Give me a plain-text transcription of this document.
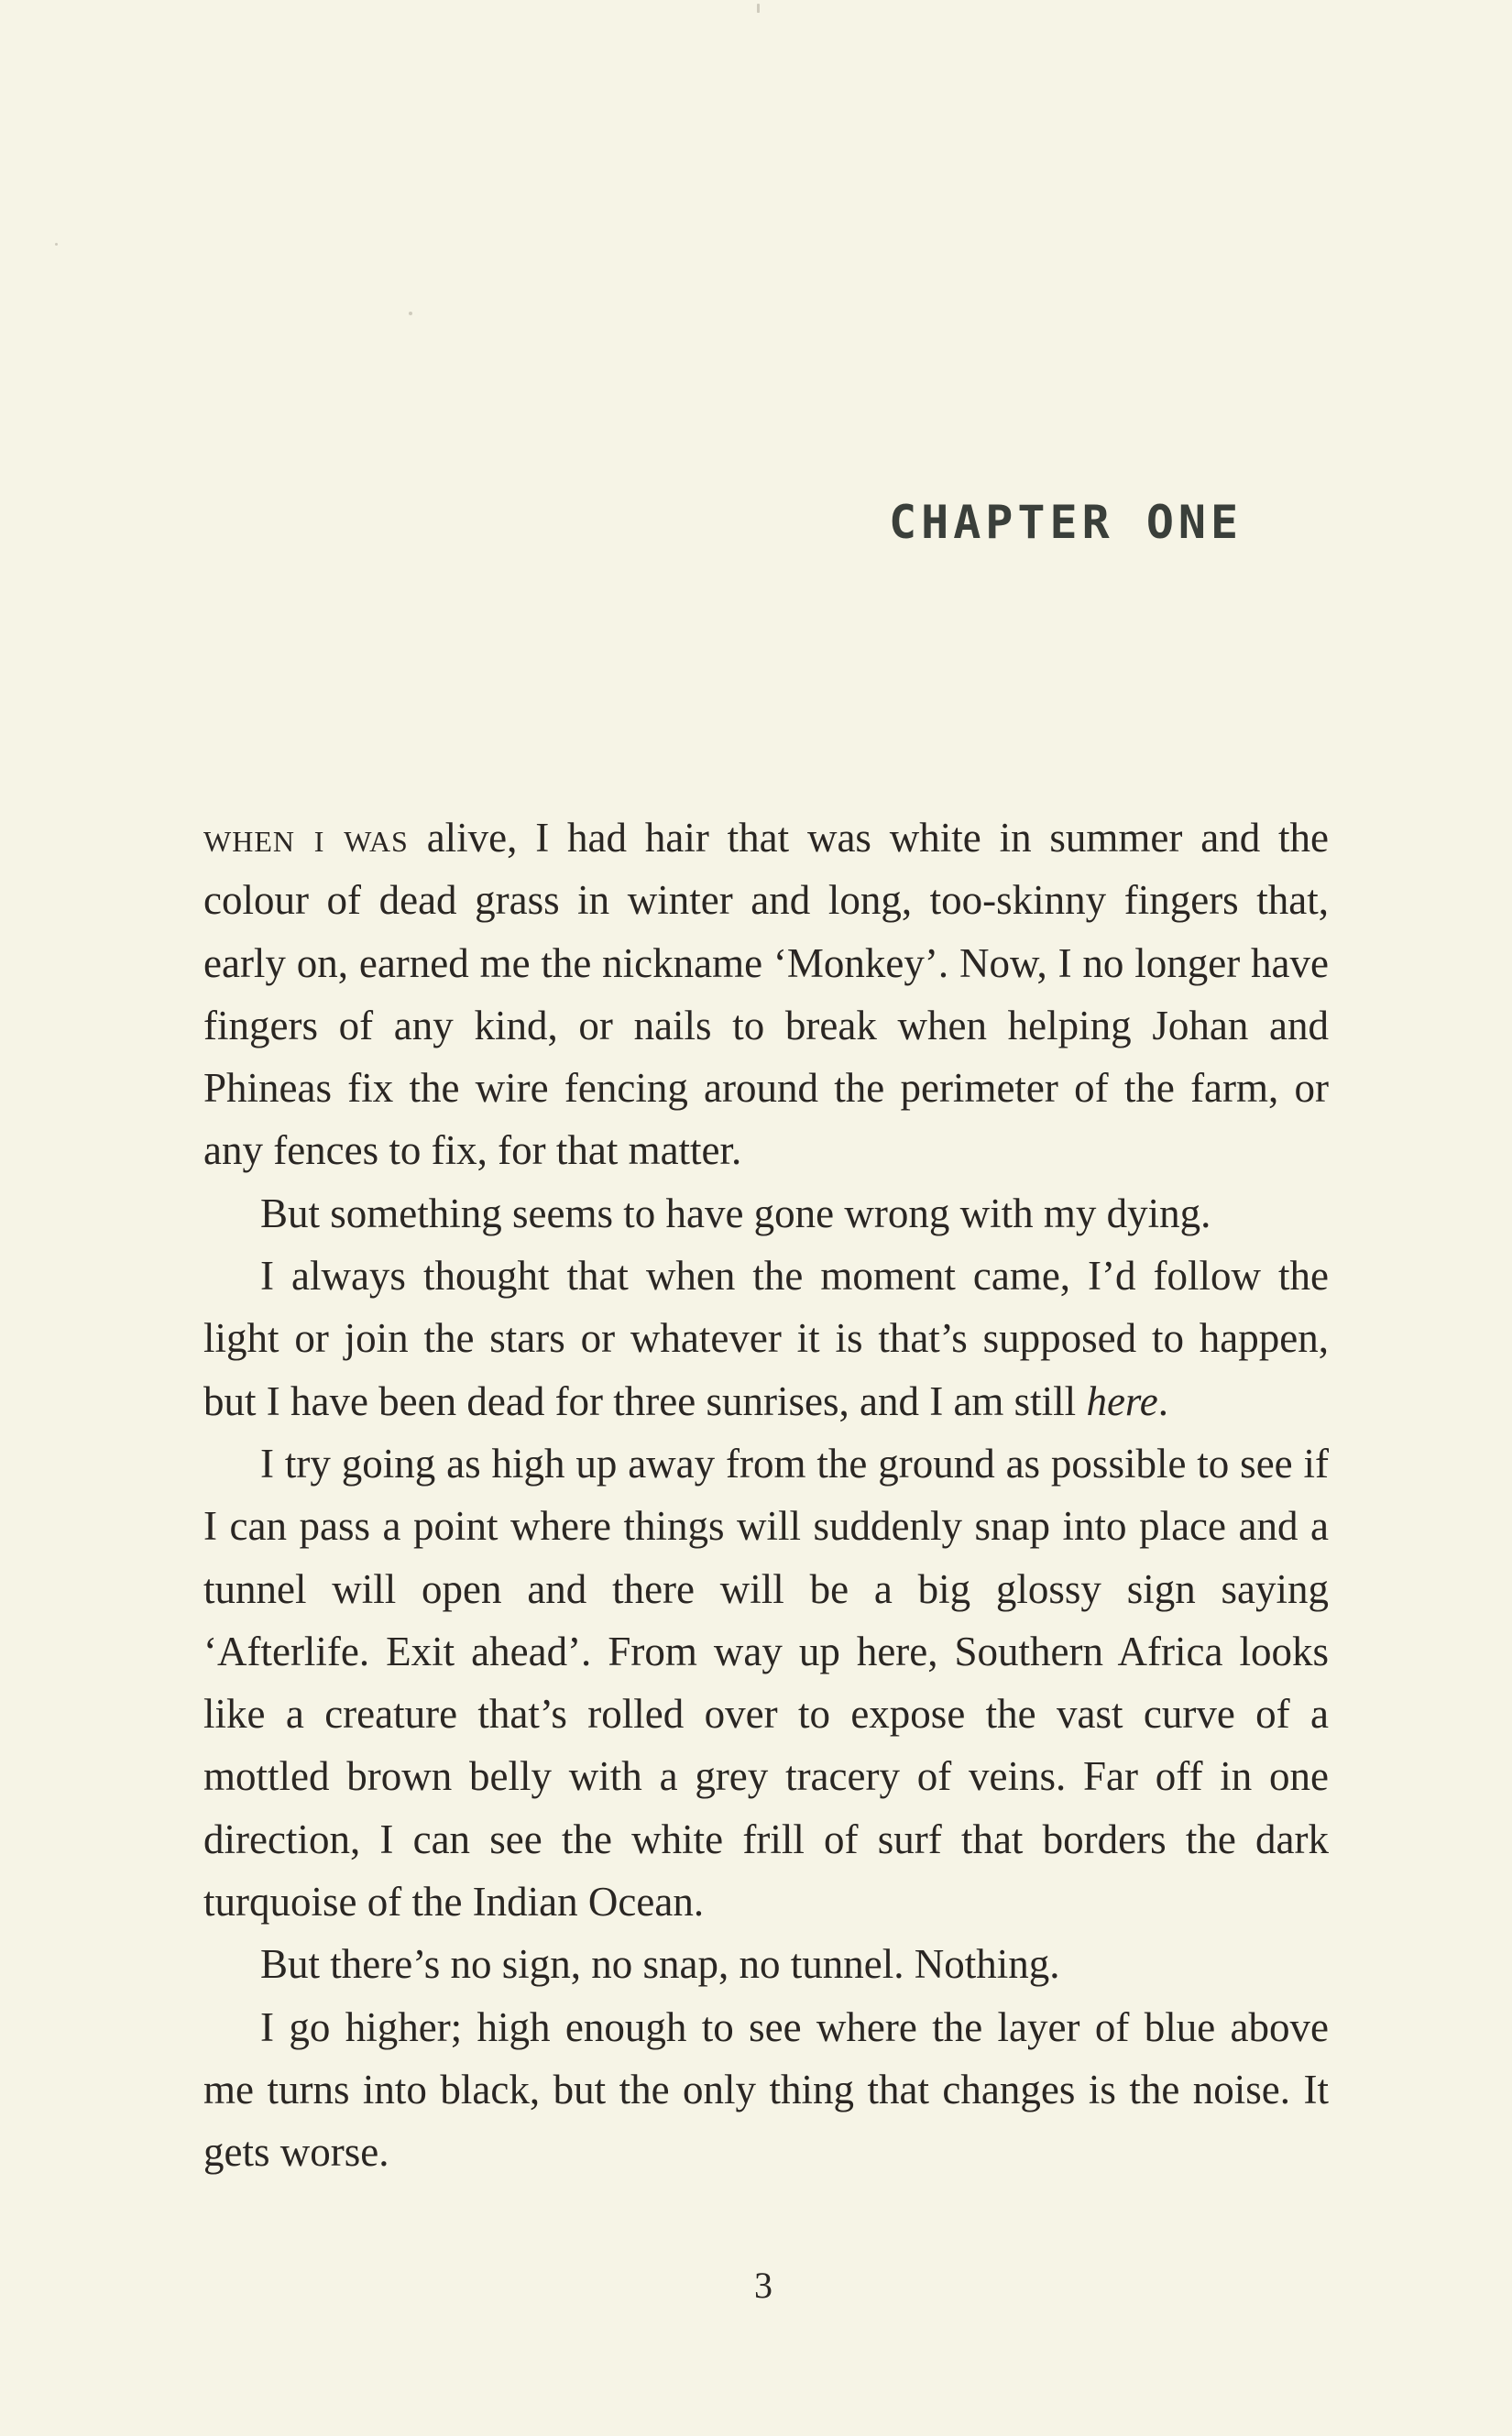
CHAPTER ONE

when i was alive, I had hair that was white in summer and the colour of dead grass in winter and long, too-skinny fingers that, early on, earned me the nickname ‘Monkey’. Now, I no longer have fingers of any kind, or nails to break when helping Johan and Phineas fix the wire fencing around the perimeter of the farm, or any fences to fix, for that matter.

But something seems to have gone wrong with my dying.

I always thought that when the moment came, I’d follow the light or join the stars or whatever it is that’s supposed to happen, but I have been dead for three sunrises, and I am still here.

I try going as high up away from the ground as possible to see if I can pass a point where things will suddenly snap into place and a tunnel will open and there will be a big glossy sign saying ‘Afterlife. Exit ahead’. From way up here, Southern Africa looks like a creature that’s rolled over to expose the vast curve of a mottled brown belly with a grey tracery of veins. Far off in one direction, I can see the white frill of surf that borders the dark turquoise of the Indian Ocean.

But there’s no sign, no snap, no tunnel. Nothing.

I go higher; high enough to see where the layer of blue above me turns into black, but the only thing that changes is the noise. It gets worse.

3
